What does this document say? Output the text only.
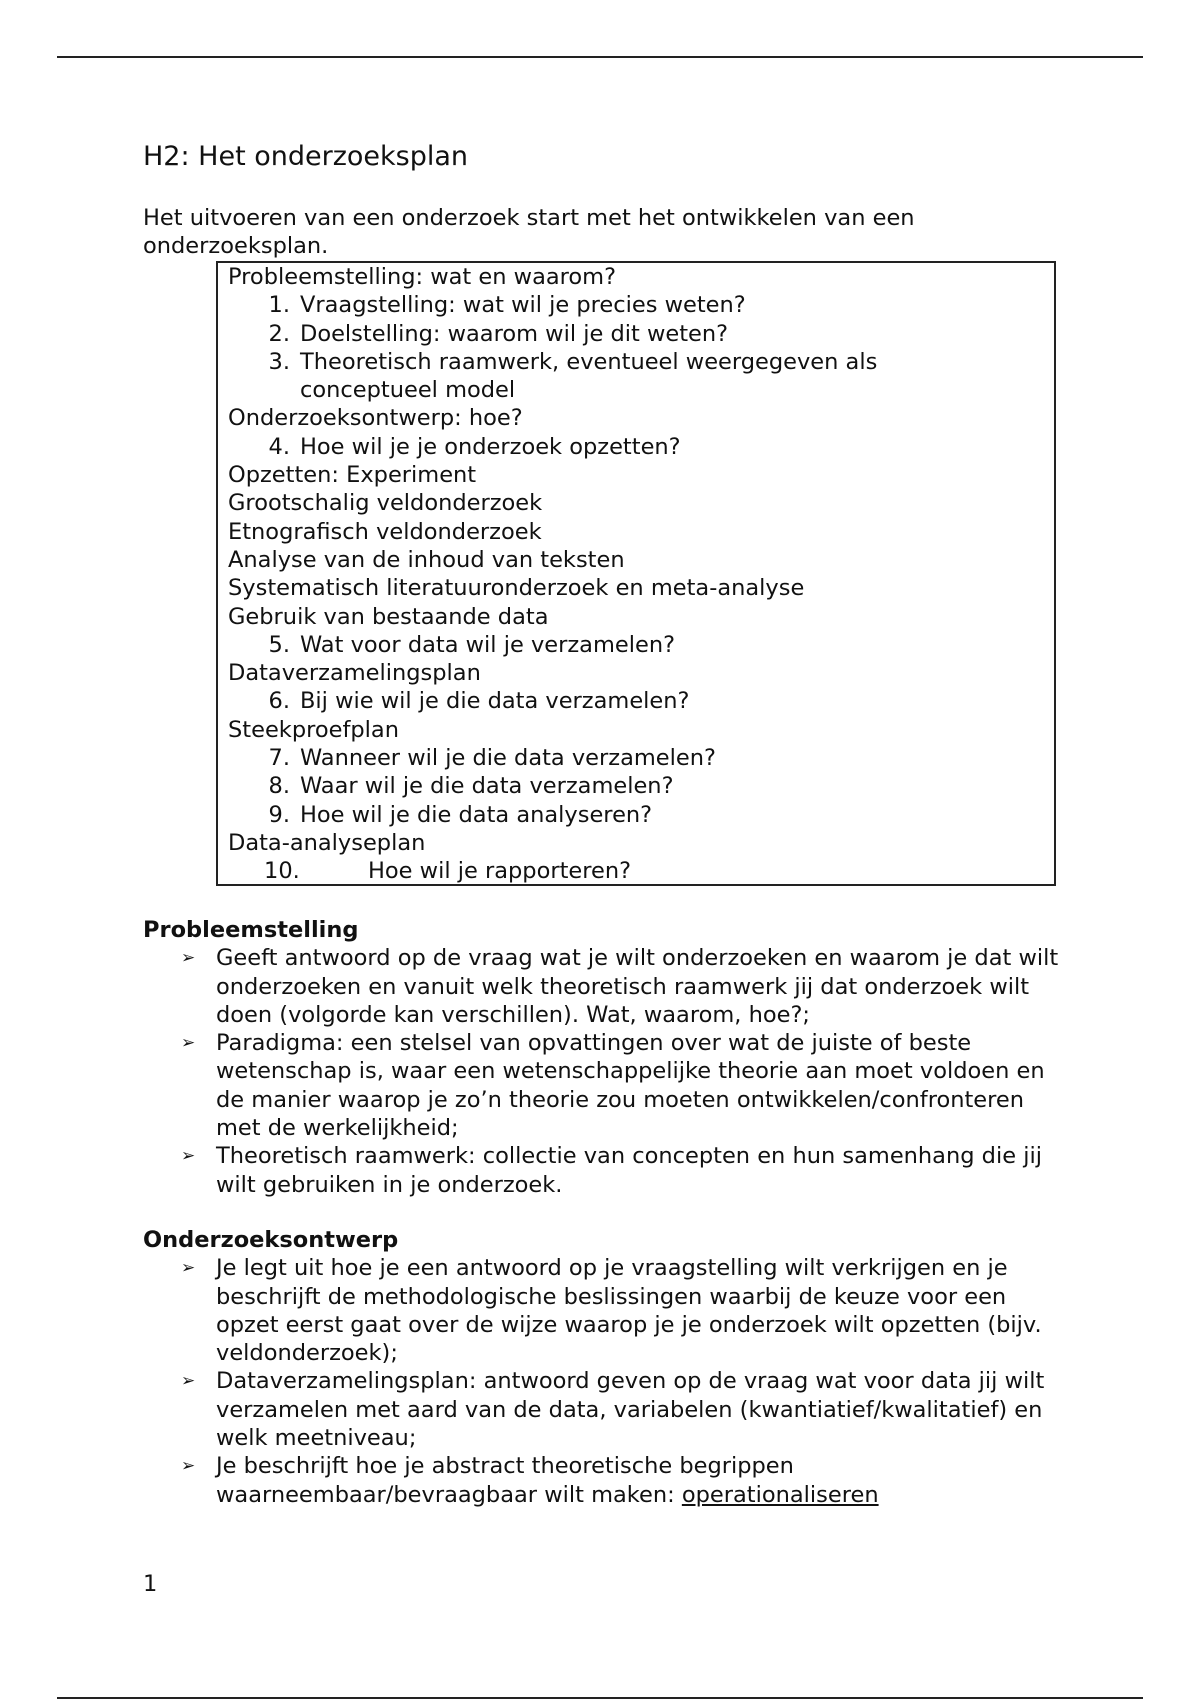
H2: Het onderzoeksplan
Het uitvoeren van een onderzoek start met het ontwikkelen van een onderzoeksplan.
Probleemstelling: wat en waarom?
1. Vraagstelling: wat wil je precies weten?
2. Doelstelling: waarom wil je dit weten?
3. Theoretisch raamwerk, eventueel weergegeven als
conceptueel model
Onderzoeksontwerp: hoe?
4. Hoe wil je je onderzoek opzetten?
Opzetten: Experiment
Grootschalig veldonderzoek
Etnografisch veldonderzoek
Analyse van de inhoud van teksten
Systematisch literatuuronderzoek en meta-analyse
Gebruik van bestaande data
5. Wat voor data wil je verzamelen?
Dataverzamelingsplan
6. Bij wie wil je die data verzamelen?
Steekproefplan
7. Wanneer wil je die data verzamelen?
8. Waar wil je die data verzamelen?
9. Hoe wil je die data analyseren?
Data-analyseplan
10.	Hoe wil je rapporteren?
Probleemstelling
➢ Geeft antwoord op de vraag wat je wilt onderzoeken en waarom je dat wilt onderzoeken en vanuit welk theoretisch raamwerk jij dat onderzoek wilt doen (volgorde kan verschillen). Wat, waarom, hoe?;
➢ Paradigma: een stelsel van opvattingen over wat de juiste of beste wetenschap is, waar een wetenschappelijke theorie aan moet voldoen en de manier waarop je zo’n theorie zou moeten ontwikkelen/confronteren met de werkelijkheid;
➢ Theoretisch raamwerk: collectie van concepten en hun samenhang die jij wilt gebruiken in je onderzoek.
Onderzoeksontwerp
➢ Je legt uit hoe je een antwoord op je vraagstelling wilt verkrijgen en je beschrijft de methodologische beslissingen waarbij de keuze voor een opzet eerst gaat over de wijze waarop je je onderzoek wilt opzetten (bijv. veldonderzoek);
➢ Dataverzamelingsplan: antwoord geven op de vraag wat voor data jij wilt verzamelen met aard van de data, variabelen (kwantiatief/kwalitatief) en welk meetniveau;
➢ Je beschrijft hoe je abstract theoretische begrippen waarneembaar/bevraagbaar wilt maken: operationaliseren
1
